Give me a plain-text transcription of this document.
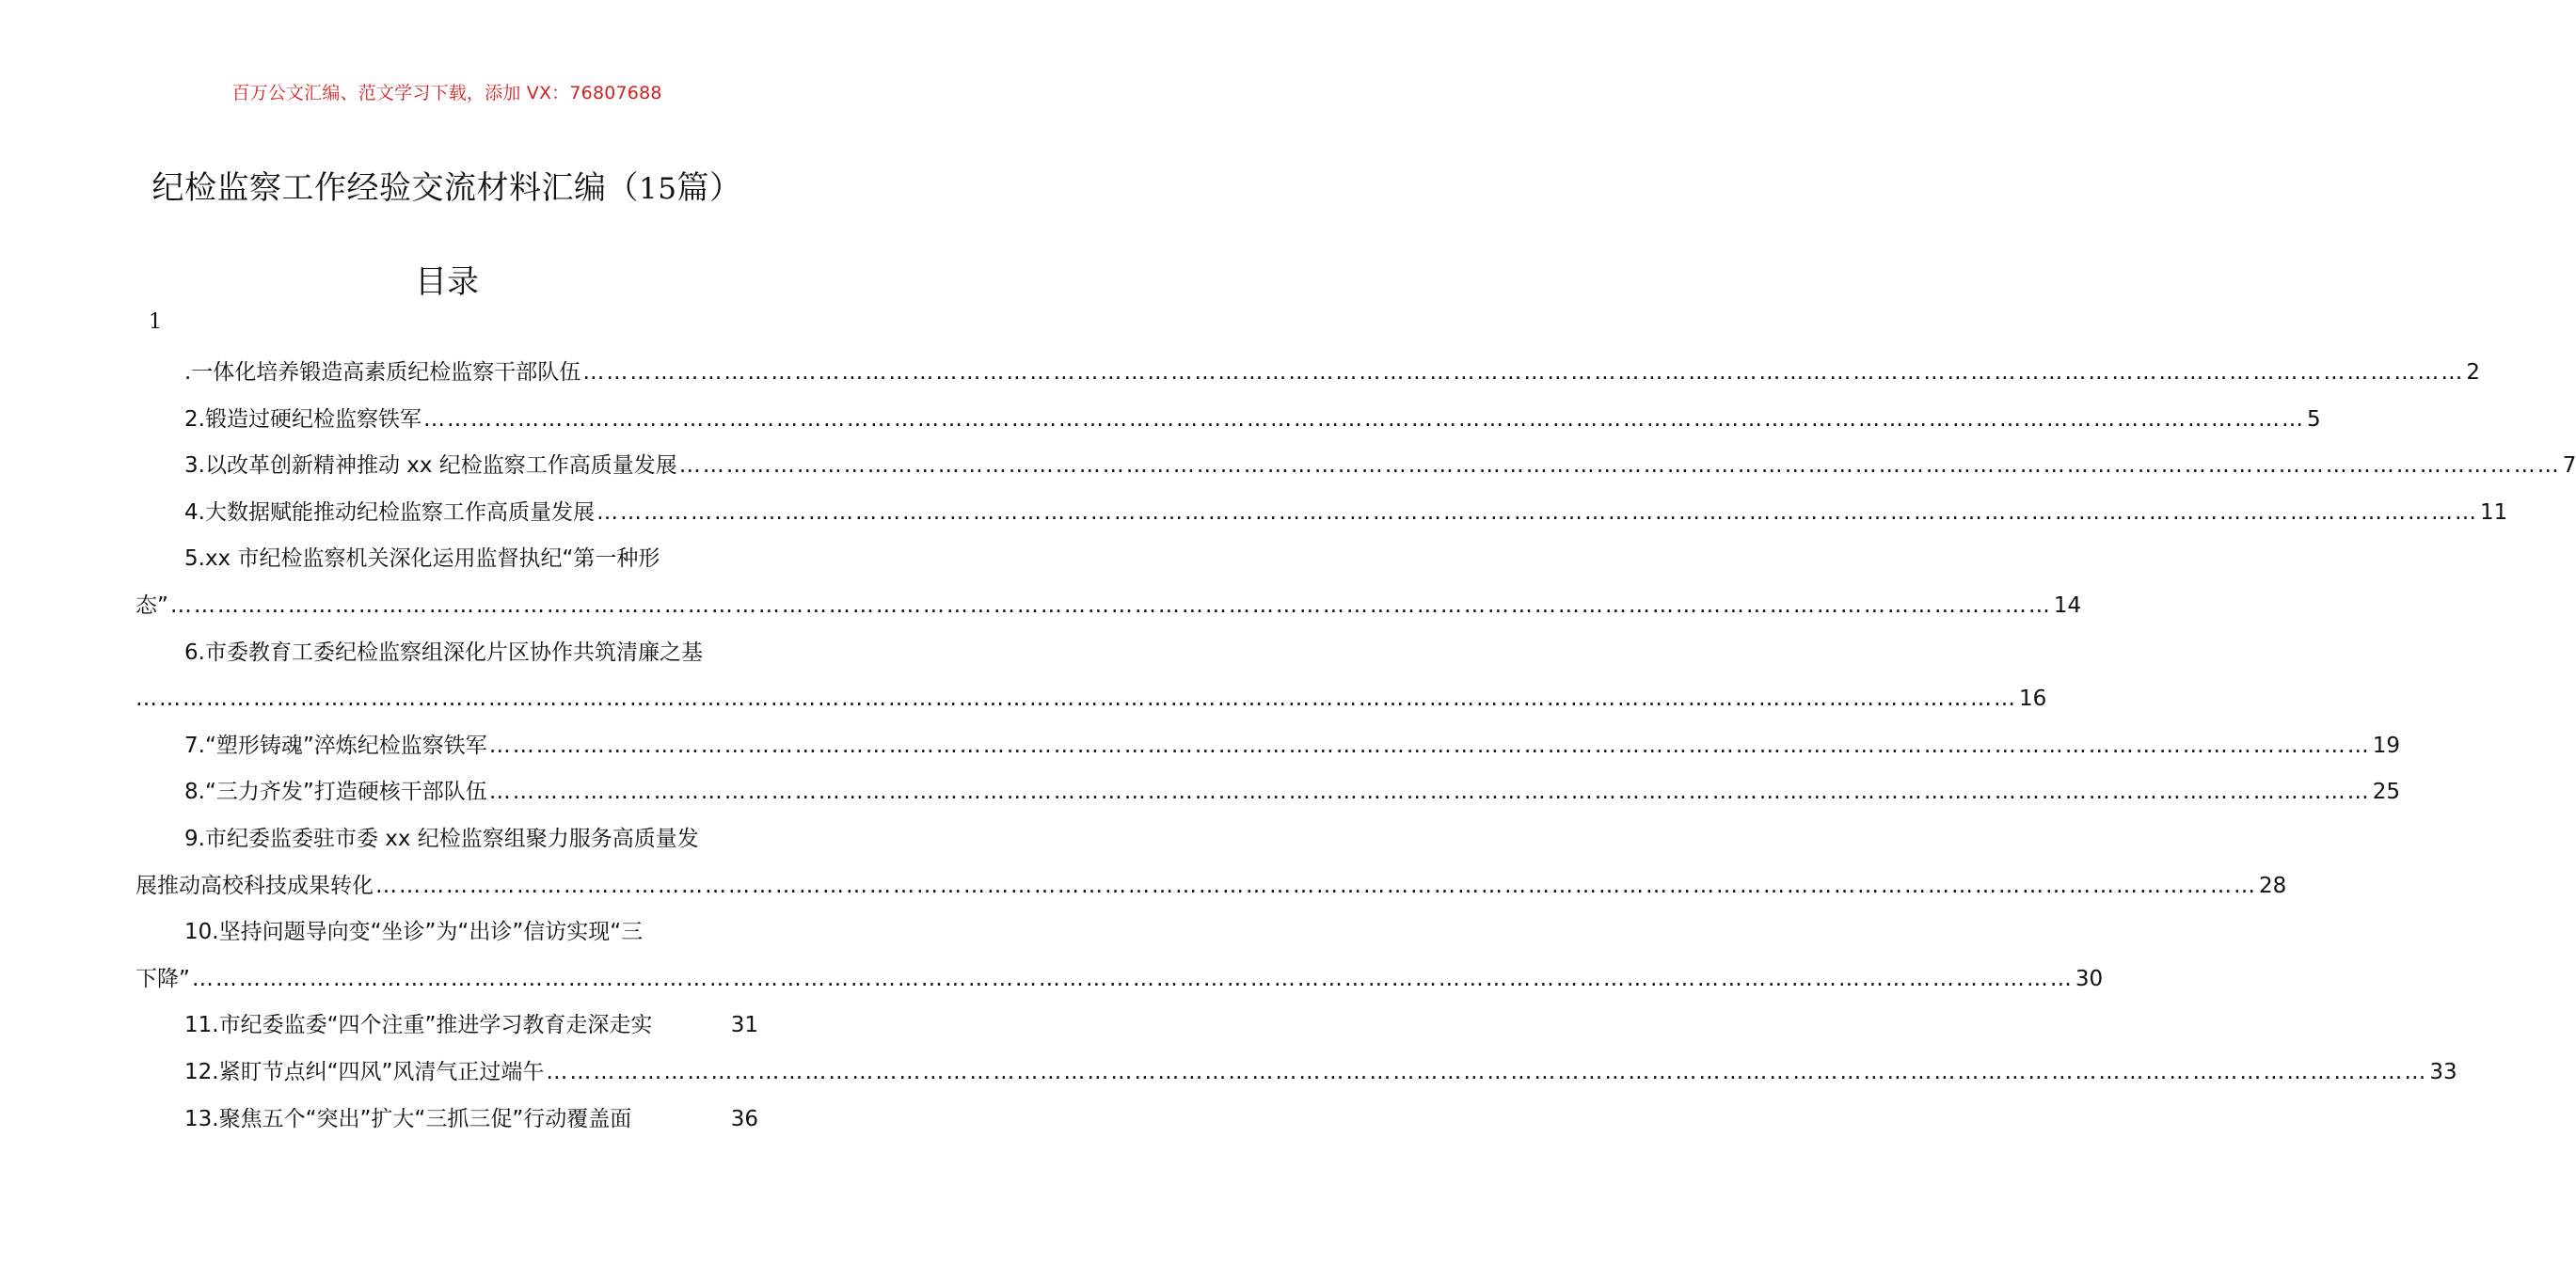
百万公文汇编、范文学习下载，添加 VX：76807688
纪检监察工作经验交流材料汇编（15篇）
目录
1
.一体化培养锻造高素质纪检监察干部队伍 …………………………………………………………………………………………………………………………………………………………………………………………………………………… 2
2.锻造过硬纪检监察铁军 …………………………………………………………………………………………………………………………………………………………………………………………………………………… 5
3.以改革创新精神推动 xx 纪检监察工作高质量发展 …………………………………………………………………………………………………………………………………………………………………………………………………………………… 7
4.大数据赋能推动纪检监察工作高质量发展 …………………………………………………………………………………………………………………………………………………………………………………………………………………… 11
5.xx 市纪检监察机关深化运用监督执纪“第一种形
态” …………………………………………………………………………………………………………………………………………………………………………………………………………………… 14
6.市委教育工委纪检监察组深化片区协作共筑清廉之基
…………………………………………………………………………………………………………………………………………………………………………………………………………………… 16
7.“塑形铸魂”淬炼纪检监察铁军 …………………………………………………………………………………………………………………………………………………………………………………………………………………… 19
8.“三力齐发”打造硬核干部队伍 …………………………………………………………………………………………………………………………………………………………………………………………………………………… 25
9.市纪委监委驻市委 xx 纪检监察组聚力服务高质量发
展推动高校科技成果转化 …………………………………………………………………………………………………………………………………………………………………………………………………………………… 28
10.坚持问题导向变“坐诊”为“出诊”信访实现“三
下降” …………………………………………………………………………………………………………………………………………………………………………………………………………………… 30
11.市纪委监委“四个注重”推进学习教育走深走实	31
12.紧盯节点纠“四风”风清气正过端午 …………………………………………………………………………………………………………………………………………………………………………………………………………………… 33
13.聚焦五个“突出”扩大“三抓三促”行动覆盖面	36
